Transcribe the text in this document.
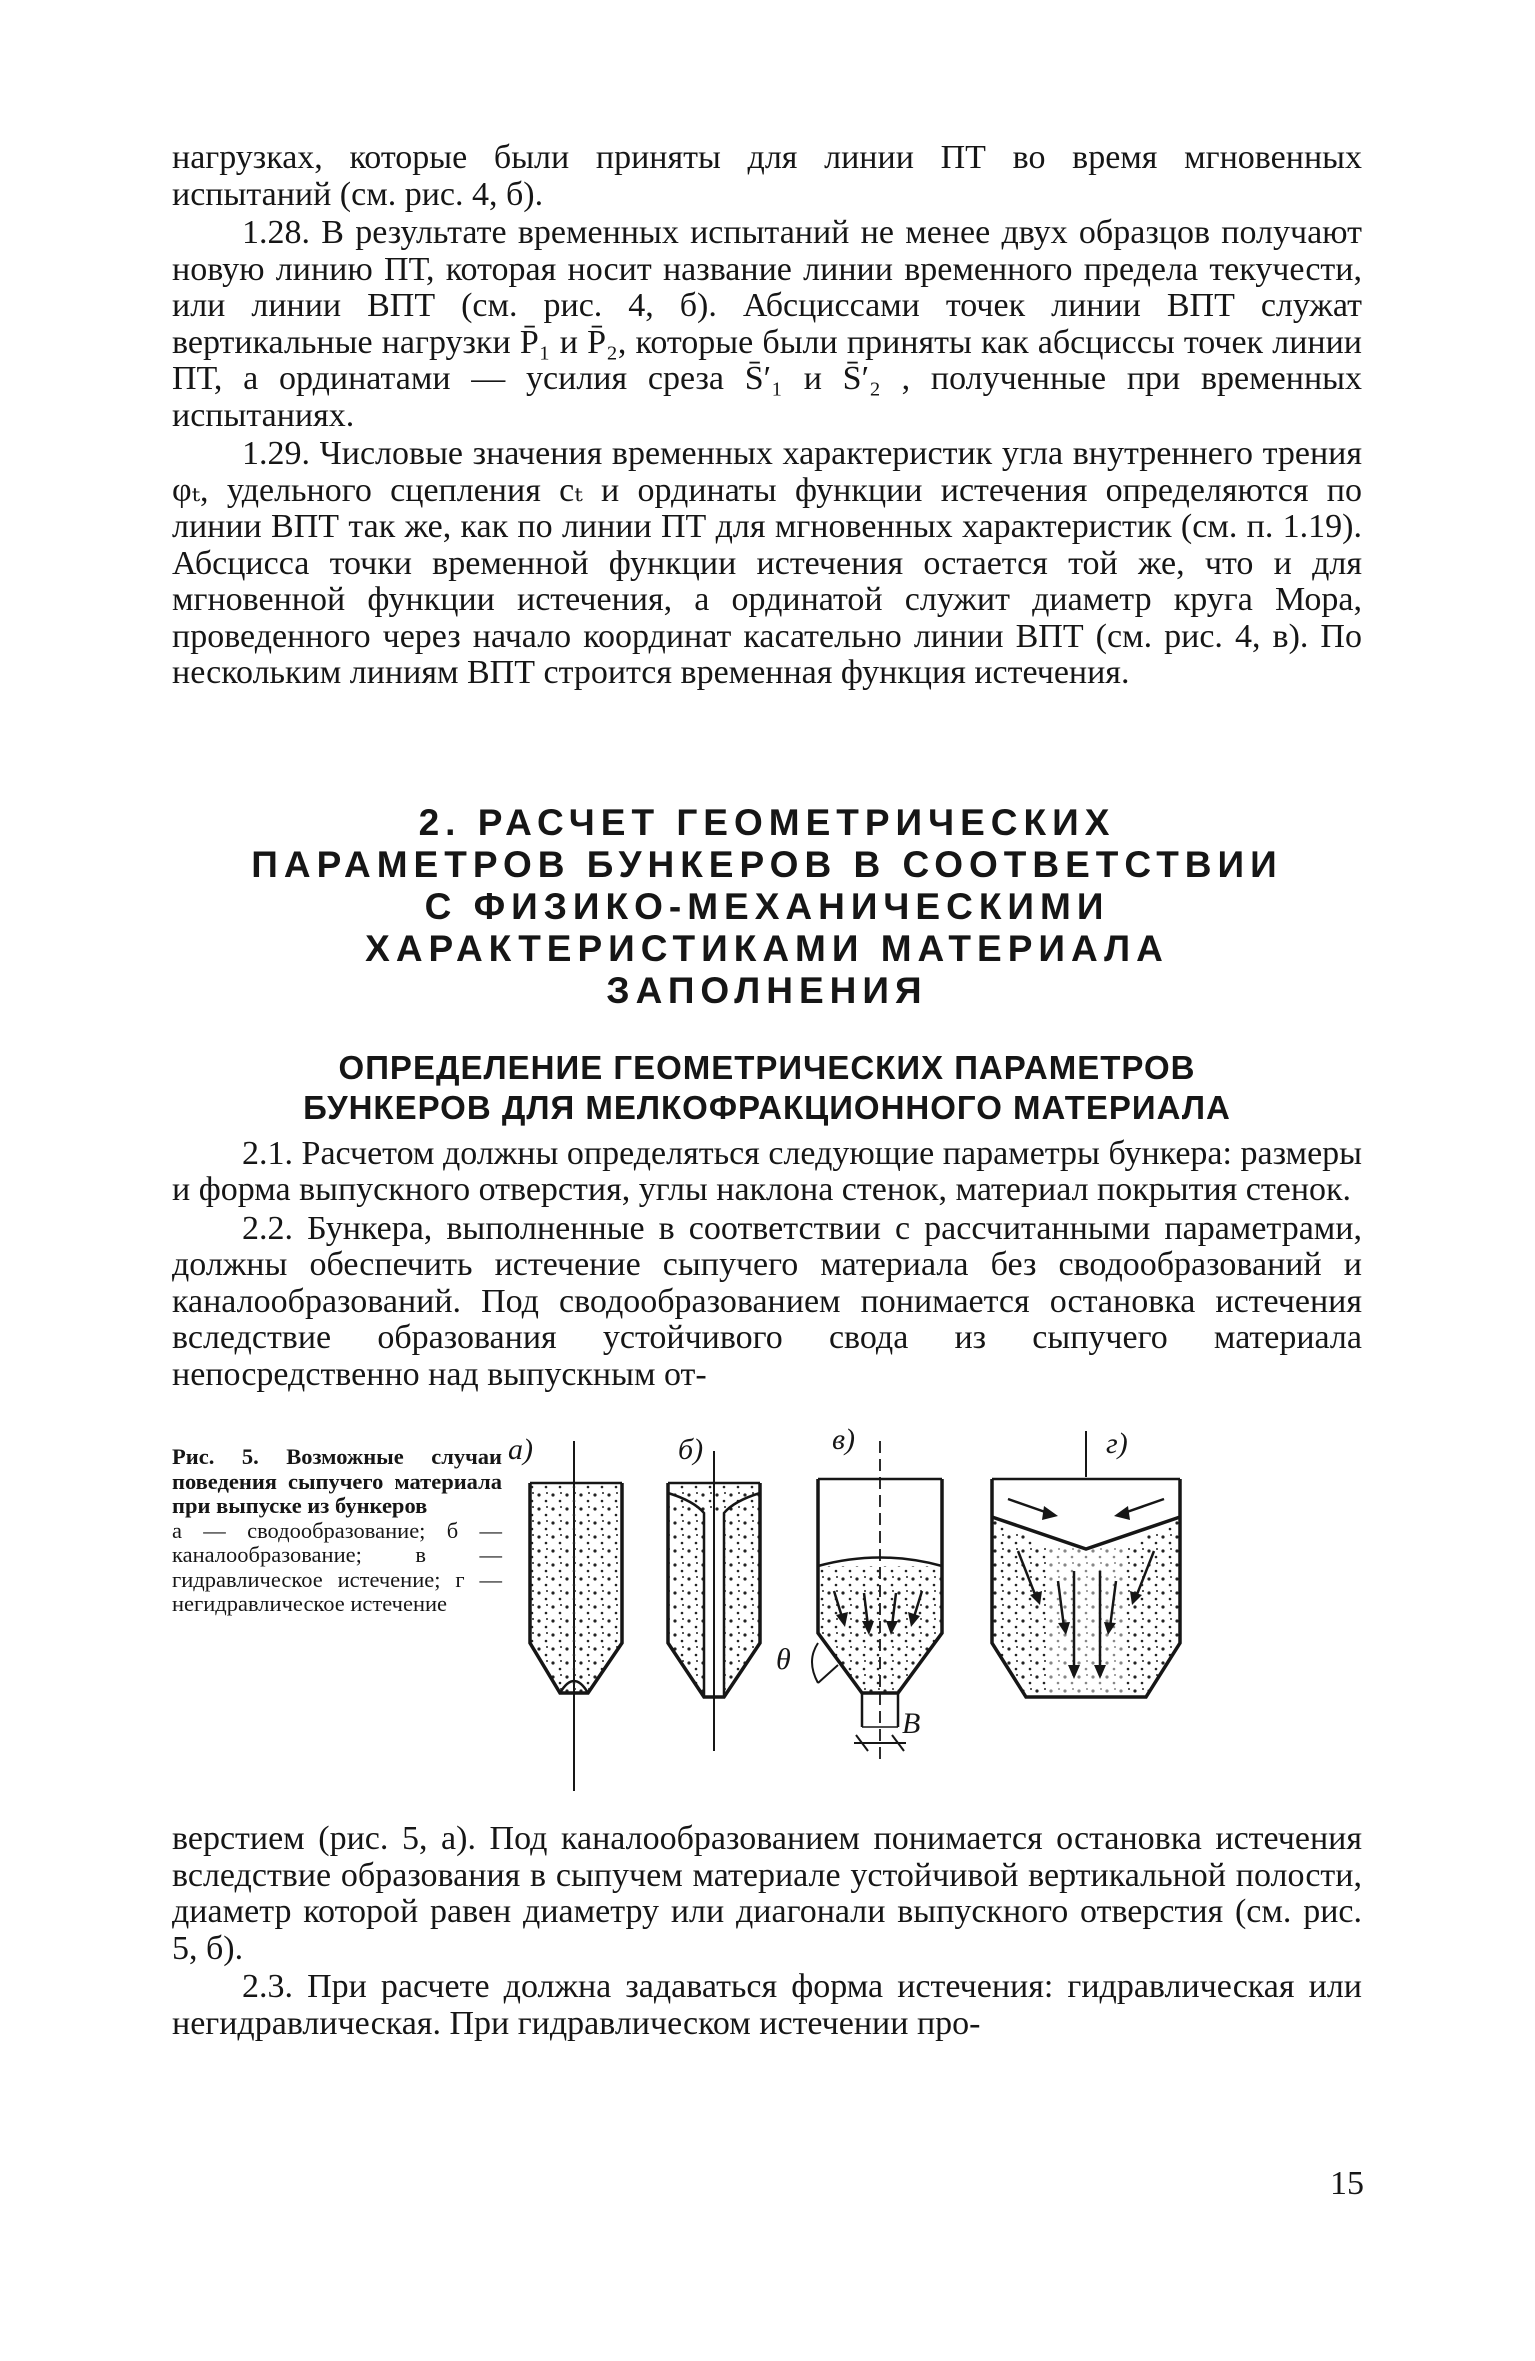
нагрузках, которые были приняты для линии ПТ во время мгновенных испытаний (см. рис. 4, б).

1.28. В результате временных испытаний не менее двух образцов получают новую линию ПТ, которая носит название линии временного предела текучести, или линии ВПТ (см. рис. 4, б). Абсциссами точек линии ВПТ служат вертикальные нагрузки P̄₁ и P̄₂, которые были приняты как абсциссы точек линии ПТ, а ординатами — усилия среза S̄′₁ и S̄′₂ , полученные при временных испытаниях.

1.29. Числовые значения временных характеристик угла внутреннего трения φₜ, удельного сцепления cₜ и ординаты функции истечения определяются по линии ВПТ так же, как по линии ПТ для мгновенных характеристик (см. п. 1.19). Абсцисса точки временной функции истечения остается той же, что и для мгновенной функции истечения, а ординатой служит диаметр круга Мора, проведенного через начало координат касательно линии ВПТ (см. рис. 4, в). По нескольким линиям ВПТ строится временная функция истечения.

2. РАСЧЕТ ГЕОМЕТРИЧЕСКИХ
ПАРАМЕТРОВ БУНКЕРОВ В СООТВЕТСТВИИ
С ФИЗИКО-МЕХАНИЧЕСКИМИ
ХАРАКТЕРИСТИКАМИ МАТЕРИАЛА
ЗАПОЛНЕНИЯ
ОПРЕДЕЛЕНИЕ ГЕОМЕТРИЧЕСКИХ ПАРАМЕТРОВ
БУНКЕРОВ ДЛЯ МЕЛКОФРАКЦИОННОГО МАТЕРИАЛА

2.1. Расчетом должны определяться следующие параметры бункера: размеры и форма выпускного отверстия, углы наклона стенок, материал покрытия стенок.

2.2. Бункера, выполненные в соответствии с рассчитанными параметрами, должны обеспечить истечение сыпучего материала без сводообразований и каналообразований. Под сводообразованием понимается остановка истечения вследствие образования устойчивого свода из сыпучего материала непосредственно над выпускным от-

Рис. 5. Возможные случаи поведения сыпучего материала при выпуске из бункеров
а — сводообразование; б — каналообразование; в — гидравлическое истечение; г — негидравлическое истечение
а)	б)	в)
θ
В
г)

верстием (рис. 5, а). Под каналообразованием понимается остановка истечения вследствие образования в сыпучем материале устойчивой вертикальной полости, диаметр которой равен диаметру или диагонали выпускного отверстия (см. рис. 5, б).

2.3. При расчете должна задаваться форма истечения: гидравлическая или негидравлическая. При гидравлическом истечении про-

15
